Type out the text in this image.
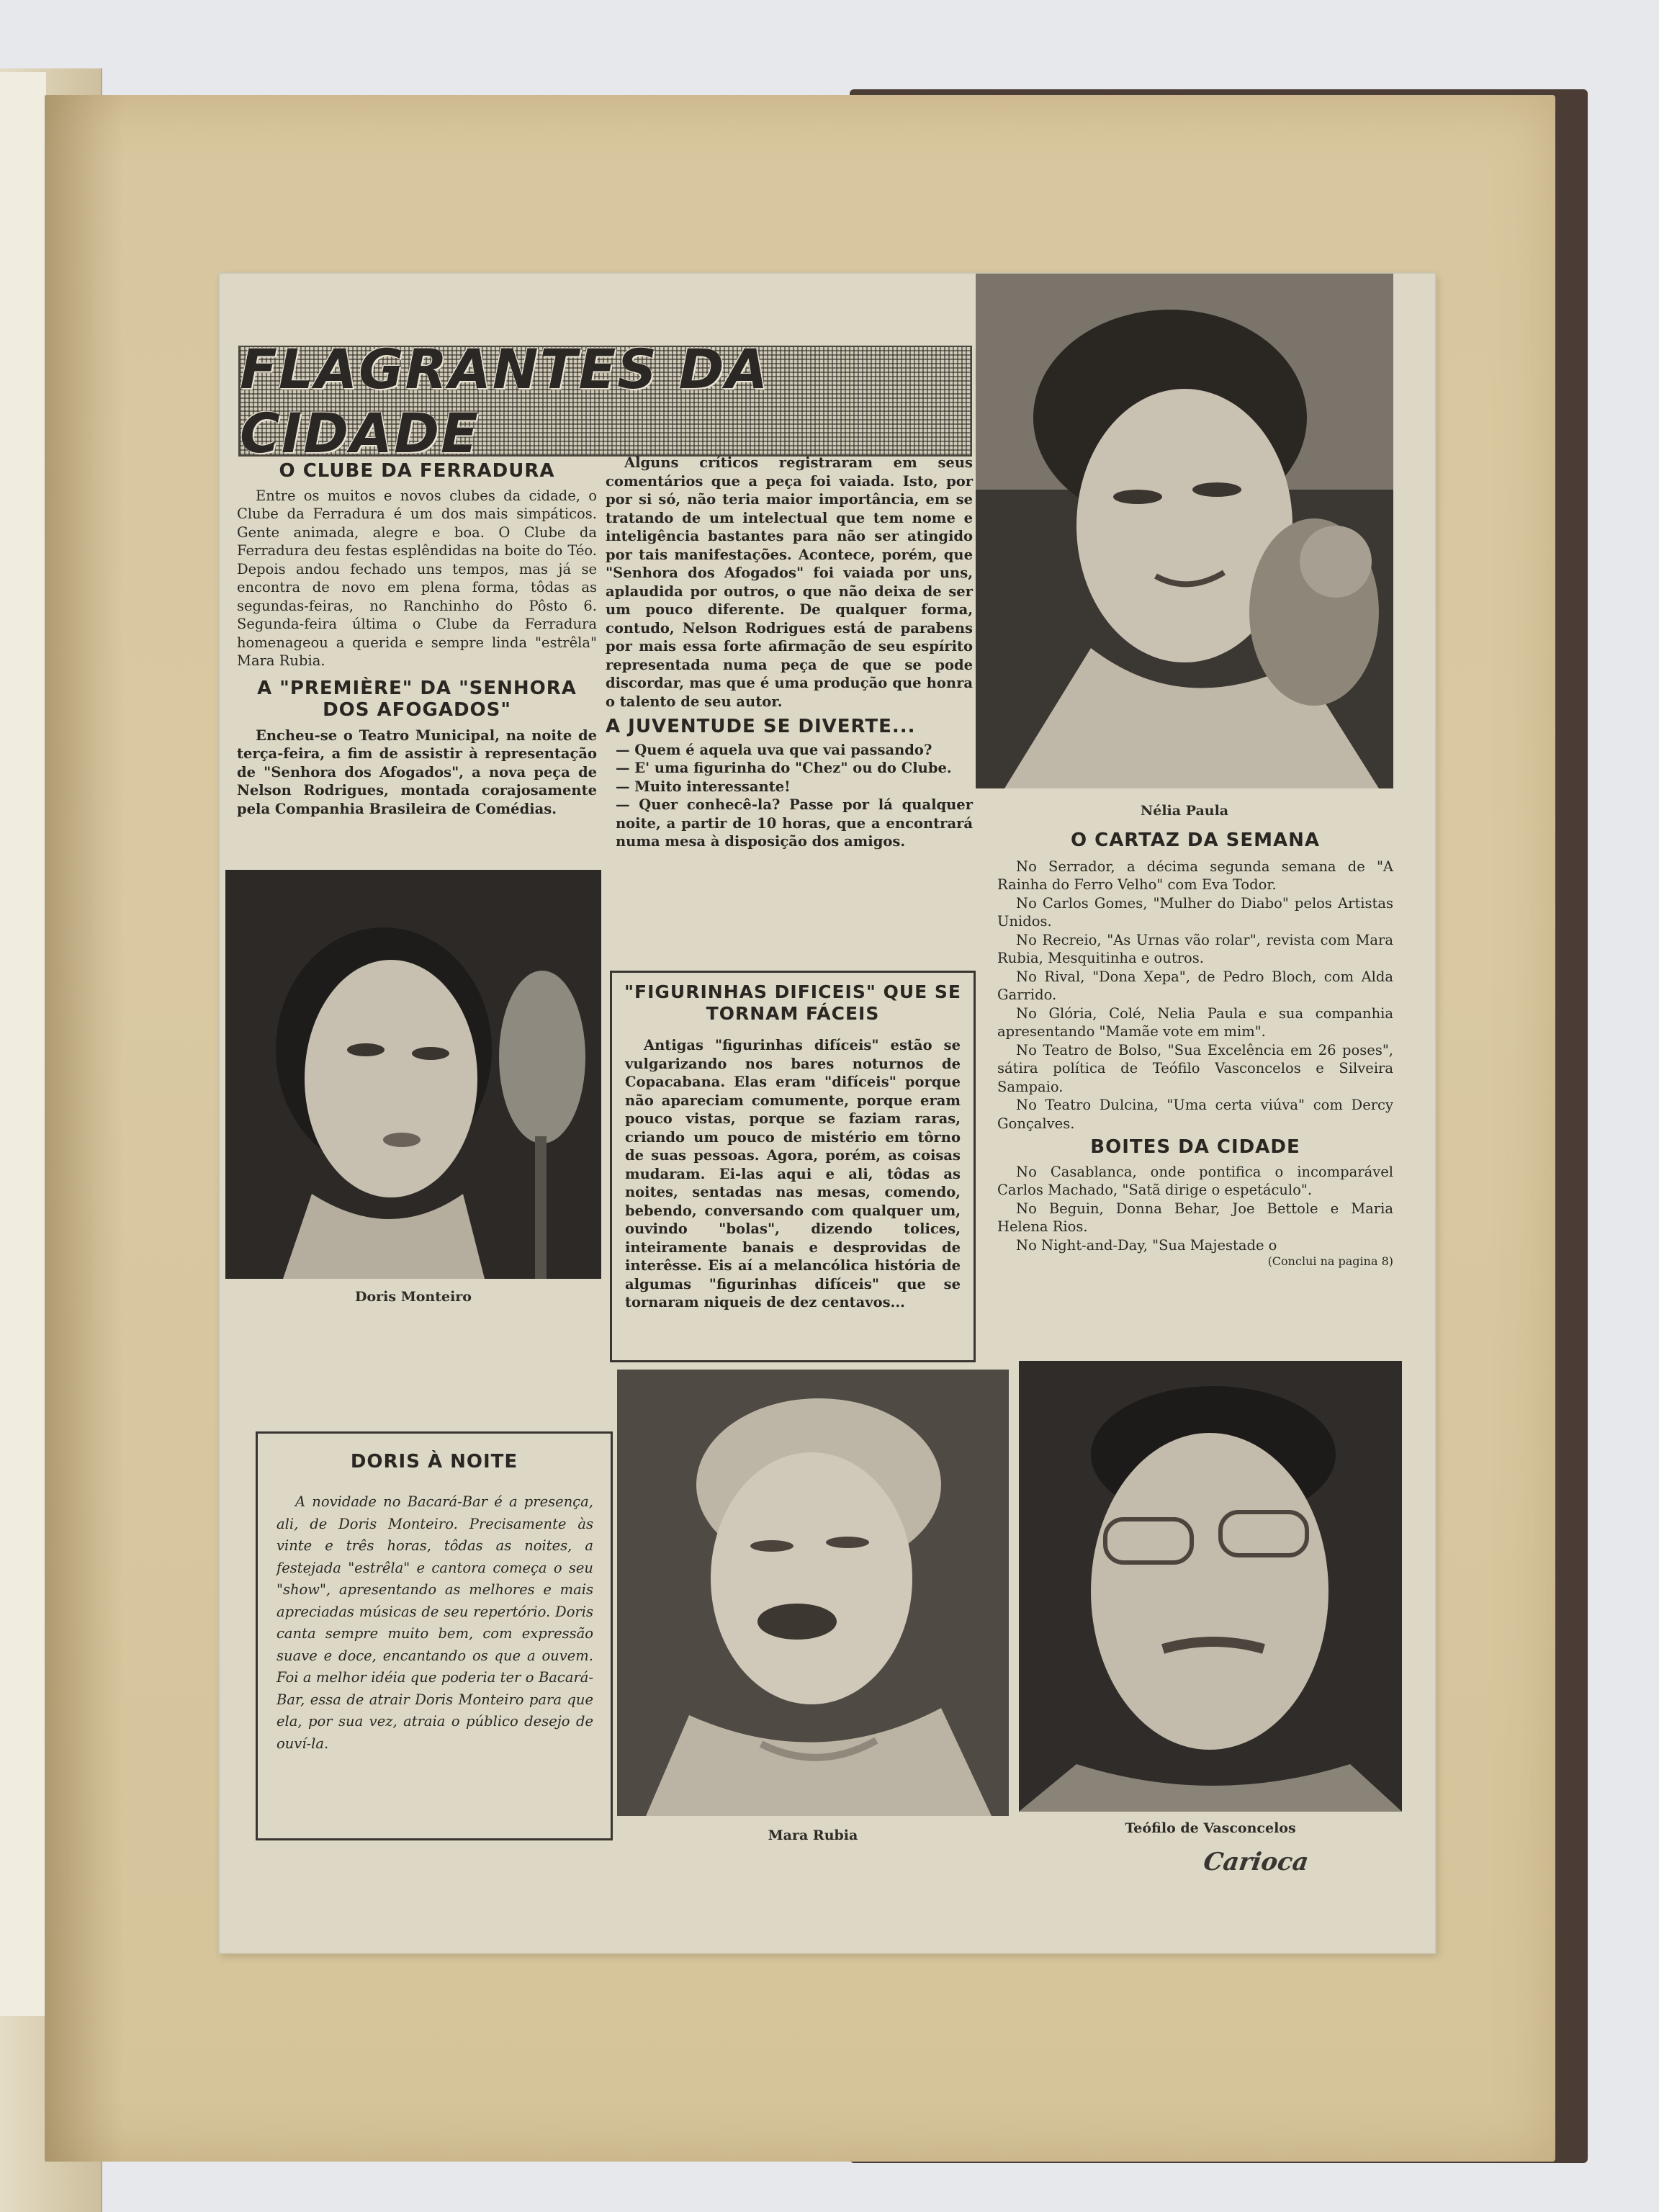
FLAGRANTES DA CIDADE
O CLUBE DA FERRADURA

Entre os muitos e novos clubes da cidade, o Clube da Ferradura é um dos mais simpáticos. Gente animada, alegre e boa. O Clube da Ferradura deu festas esplêndidas na boite do Téo. Depois andou fechado uns tempos, mas já se encontra de novo em plena forma, tôdas as segundas-feiras, no Ranchinho do Pôsto 6. Segunda-feira última o Clube da Ferradura homenageou a querida e sempre linda "estrêla" Mara Rubia.

A "PREMIÈRE" DA "SENHORA DOS AFOGADOS"

Encheu-se o Teatro Municipal, na noite de terça-feira, a fim de assistir à representação de "Senhora dos Afogados", a nova peça de Nelson Rodrigues, montada corajosamente pela Companhia Brasileira de Comédias.

Alguns críticos registraram em seus comentários que a peça foi vaiada. Isto, por por si só, não teria maior importância, em se tratando de um intelectual que tem nome e inteligência bastantes para não ser atingido por tais manifestações. Acontece, porém, que "Senhora dos Afogados" foi vaiada por uns, aplaudida por outros, o que não deixa de ser um pouco diferente. De qualquer forma, contudo, Nelson Rodrigues está de parabens por mais essa forte afirmação de seu espírito representada numa peça de que se pode discordar, mas que é uma produção que honra o talento de seu autor.

A JUVENTUDE SE DIVERTE...

— Quem é aquela uva que vai passando?

— E' uma figurinha do "Chez" ou do Clube.

— Muito interessante!

— Quer conhecê-la? Passe por lá qualquer noite, a partir de 10 horas, que a encontrará numa mesa à disposição dos amigos.

"FIGURINHAS DIFICEIS" QUE SE TORNAM FÁCEIS

Antigas "figurinhas difíceis" estão se vulgarizando nos bares noturnos de Copacabana. Elas eram "difíceis" porque não apareciam comumente, porque eram pouco vistas, porque se faziam raras, criando um pouco de mistério em tôrno de suas pessoas. Agora, porém, as coisas mudaram. Ei-las aqui e ali, tôdas as noites, sentadas nas mesas, comendo, bebendo, conversando com qualquer um, ouvindo "bolas", dizendo tolices, inteiramente banais e desprovidas de interêsse. Eis aí a melancólica história de algumas "figurinhas difíceis" que se tornaram niqueis de dez centavos...

Nélia Paula
O CARTAZ DA SEMANA

No Serrador, a décima segunda semana de "A Rainha do Ferro Velho" com Eva Todor.

No Carlos Gomes, "Mulher do Diabo" pelos Artistas Unidos.

No Recreio, "As Urnas vão rolar", revista com Mara Rubia, Mesquitinha e outros.

No Rival, "Dona Xepa", de Pedro Bloch, com Alda Garrido.

No Glória, Colé, Nelia Paula e sua companhia apresentando "Mamãe vote em mim".

No Teatro de Bolso, "Sua Excelência em 26 poses", sátira política de Teófilo Vasconcelos e Silveira Sampaio.

No Teatro Dulcina, "Uma certa viúva" com Dercy Gonçalves.

BOITES DA CIDADE

No Casablanca, onde pontifica o incomparável Carlos Machado, "Satã dirige o espetáculo".

No Beguin, Donna Behar, Joe Bettole e Maria Helena Rios.

No Night-and-Day, "Sua Majestade o

(Conclui na pagina 8)
Doris Monteiro
DORIS À NOITE

A novidade no Bacará-Bar é a presença, ali, de Doris Monteiro. Precisamente às vinte e três horas, tôdas as noites, a festejada "estrêla" e cantora começa o seu "show", apresentando as melhores e mais apreciadas músicas de seu repertório. Doris canta sempre muito bem, com expressão suave e doce, encantando os que a ouvem. Foi a melhor idéia que poderia ter o Bacará-Bar, essa de atrair Doris Monteiro para que ela, por sua vez, atraia o público desejo de ouví-la.

Mara Rubia	Teófilo de Vasconcelos
Carioca
